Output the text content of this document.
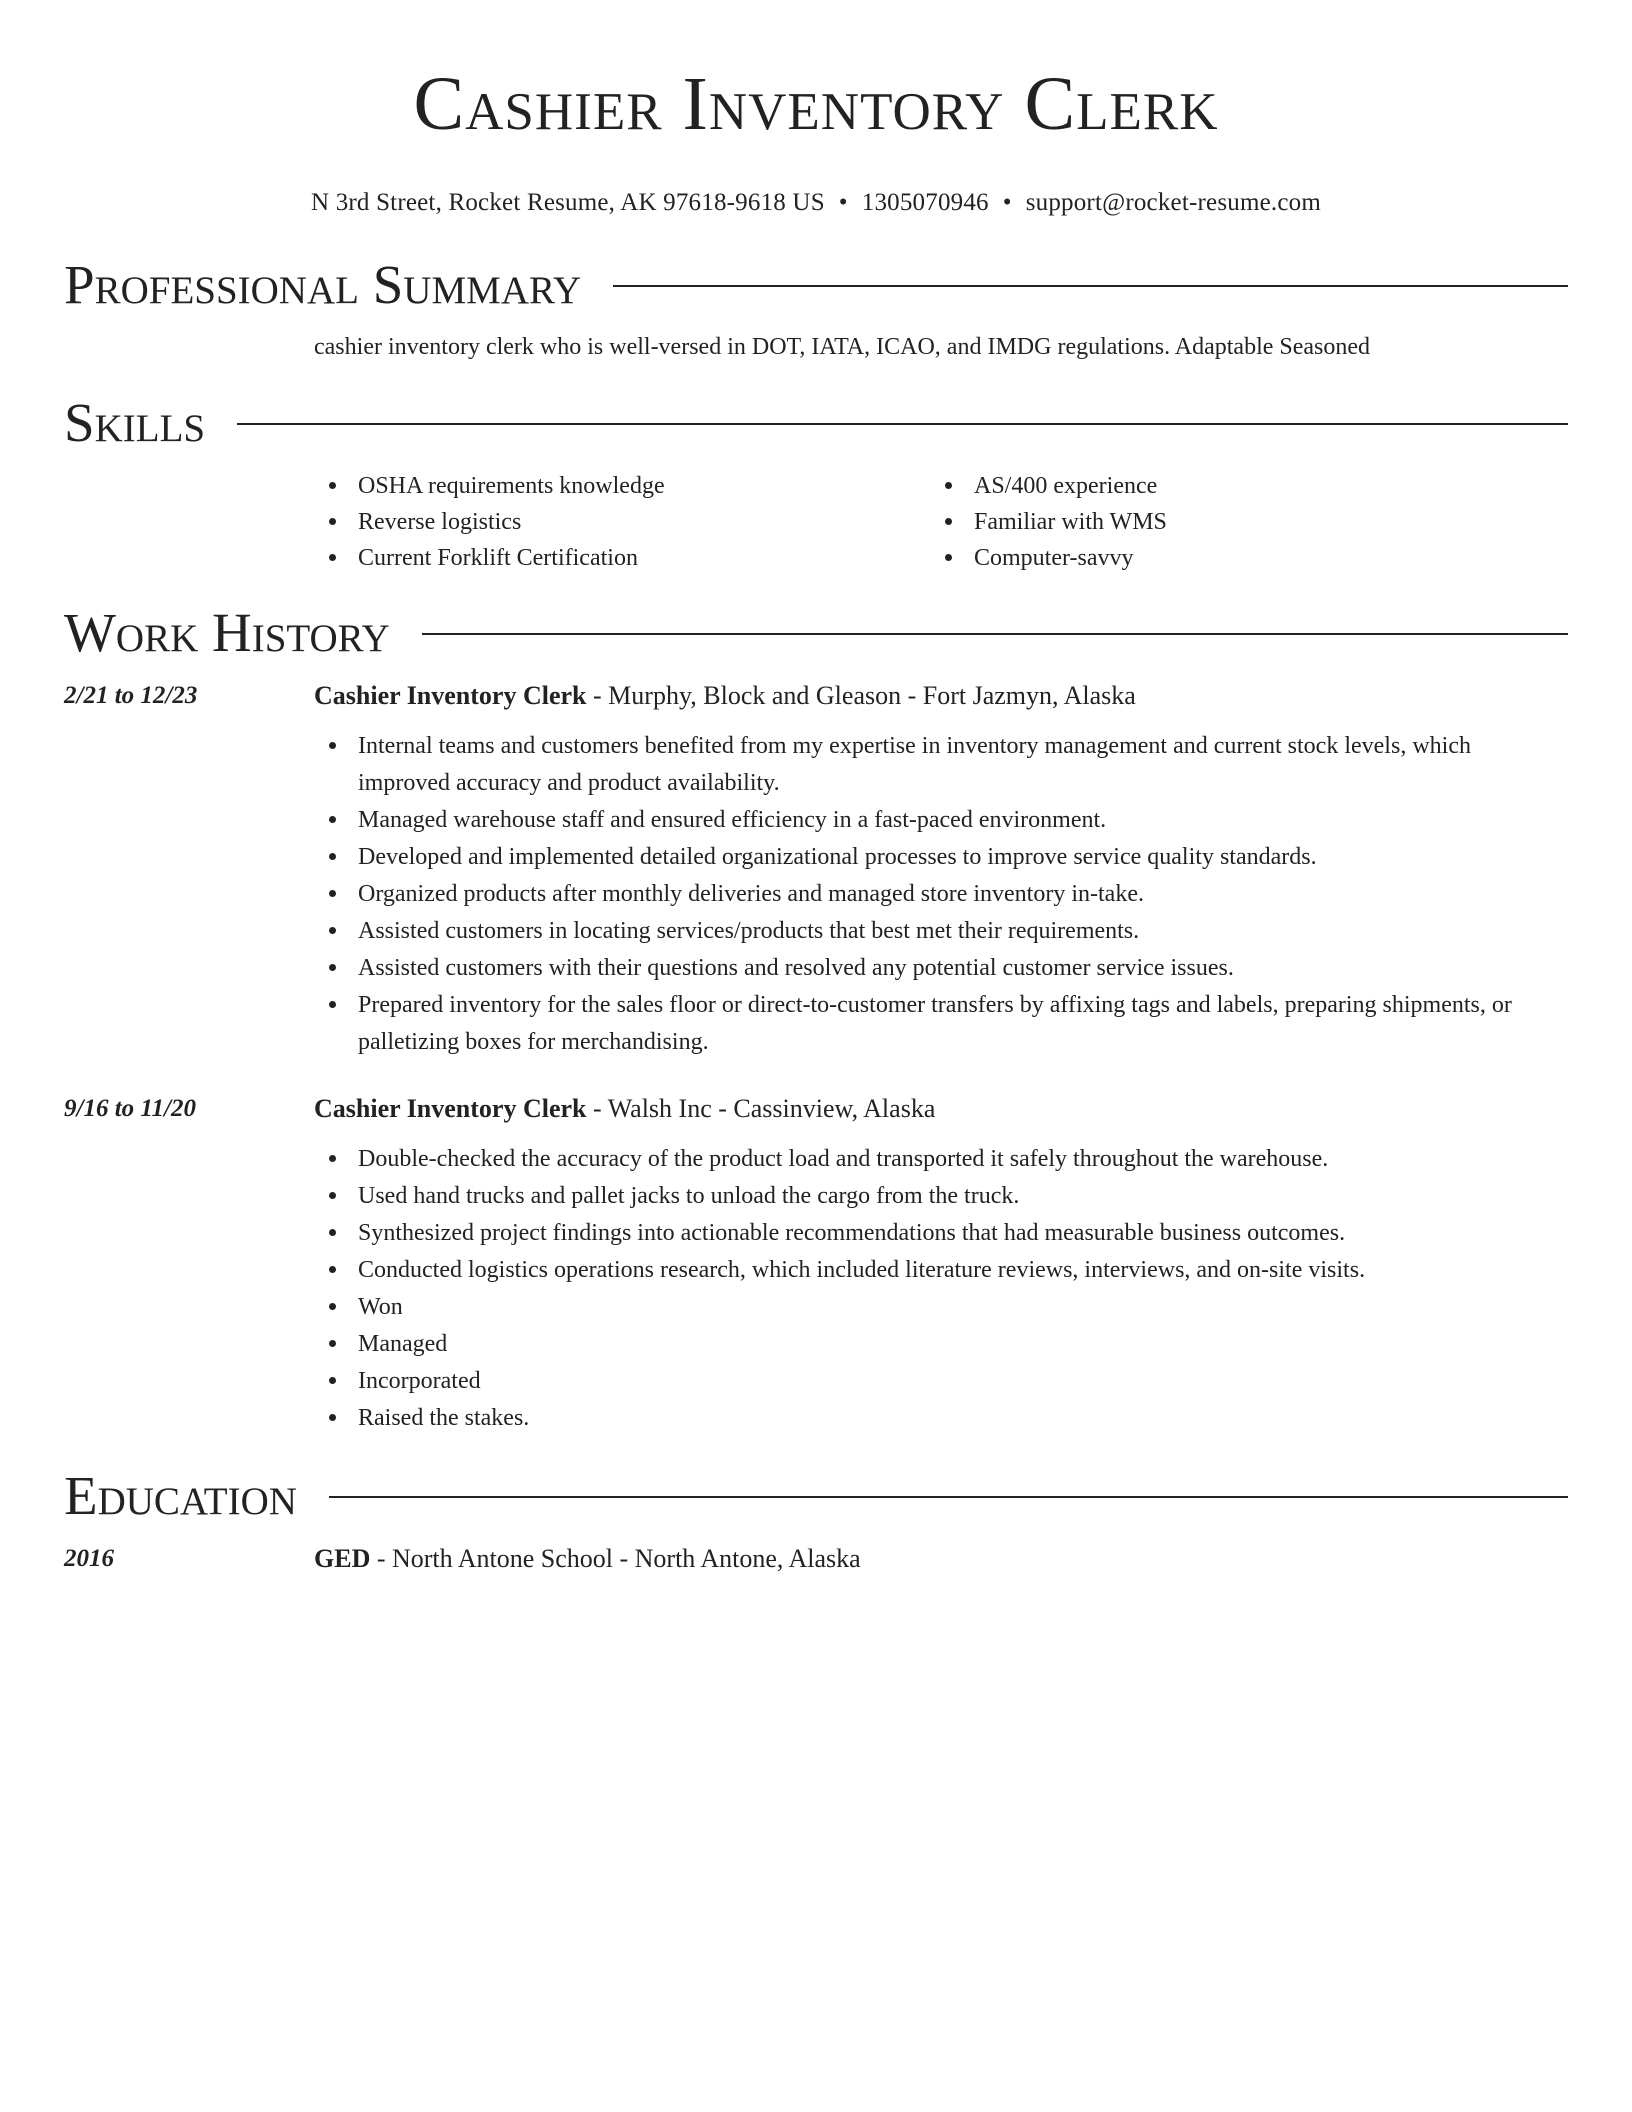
Cashier Inventory Clerk
N 3rd Street, Rocket Resume, AK 97618-9618 US • 1305070946 • support@rocket-resume.com
Professional Summary
cashier inventory clerk who is well-versed in DOT, IATA, ICAO, and IMDG regulations. Adaptable Seasoned
Skills
OSHA requirements knowledge
Reverse logistics
Current Forklift Certification
AS/400 experience
Familiar with WMS
Computer-savvy
Work History
2/21 to 12/23	Cashier Inventory Clerk - Murphy, Block and Gleason - Fort Jazmyn, Alaska
Internal teams and customers benefited from my expertise in inventory management and current stock levels, which improved accuracy and product availability.
Managed warehouse staff and ensured efficiency in a fast-paced environment.
Developed and implemented detailed organizational processes to improve service quality standards.
Organized products after monthly deliveries and managed store inventory in-take.
Assisted customers in locating services/products that best met their requirements.
Assisted customers with their questions and resolved any potential customer service issues.
Prepared inventory for the sales floor or direct-to-customer transfers by affixing tags and labels, preparing shipments, or palletizing boxes for merchandising.
9/16 to 11/20	Cashier Inventory Clerk - Walsh Inc - Cassinview, Alaska
Double-checked the accuracy of the product load and transported it safely throughout the warehouse.
Used hand trucks and pallet jacks to unload the cargo from the truck.
Synthesized project findings into actionable recommendations that had measurable business outcomes.
Conducted logistics operations research, which included literature reviews, interviews, and on-site visits.
Won
Managed
Incorporated
Raised the stakes.
Education
2016	GED - North Antone School - North Antone, Alaska
